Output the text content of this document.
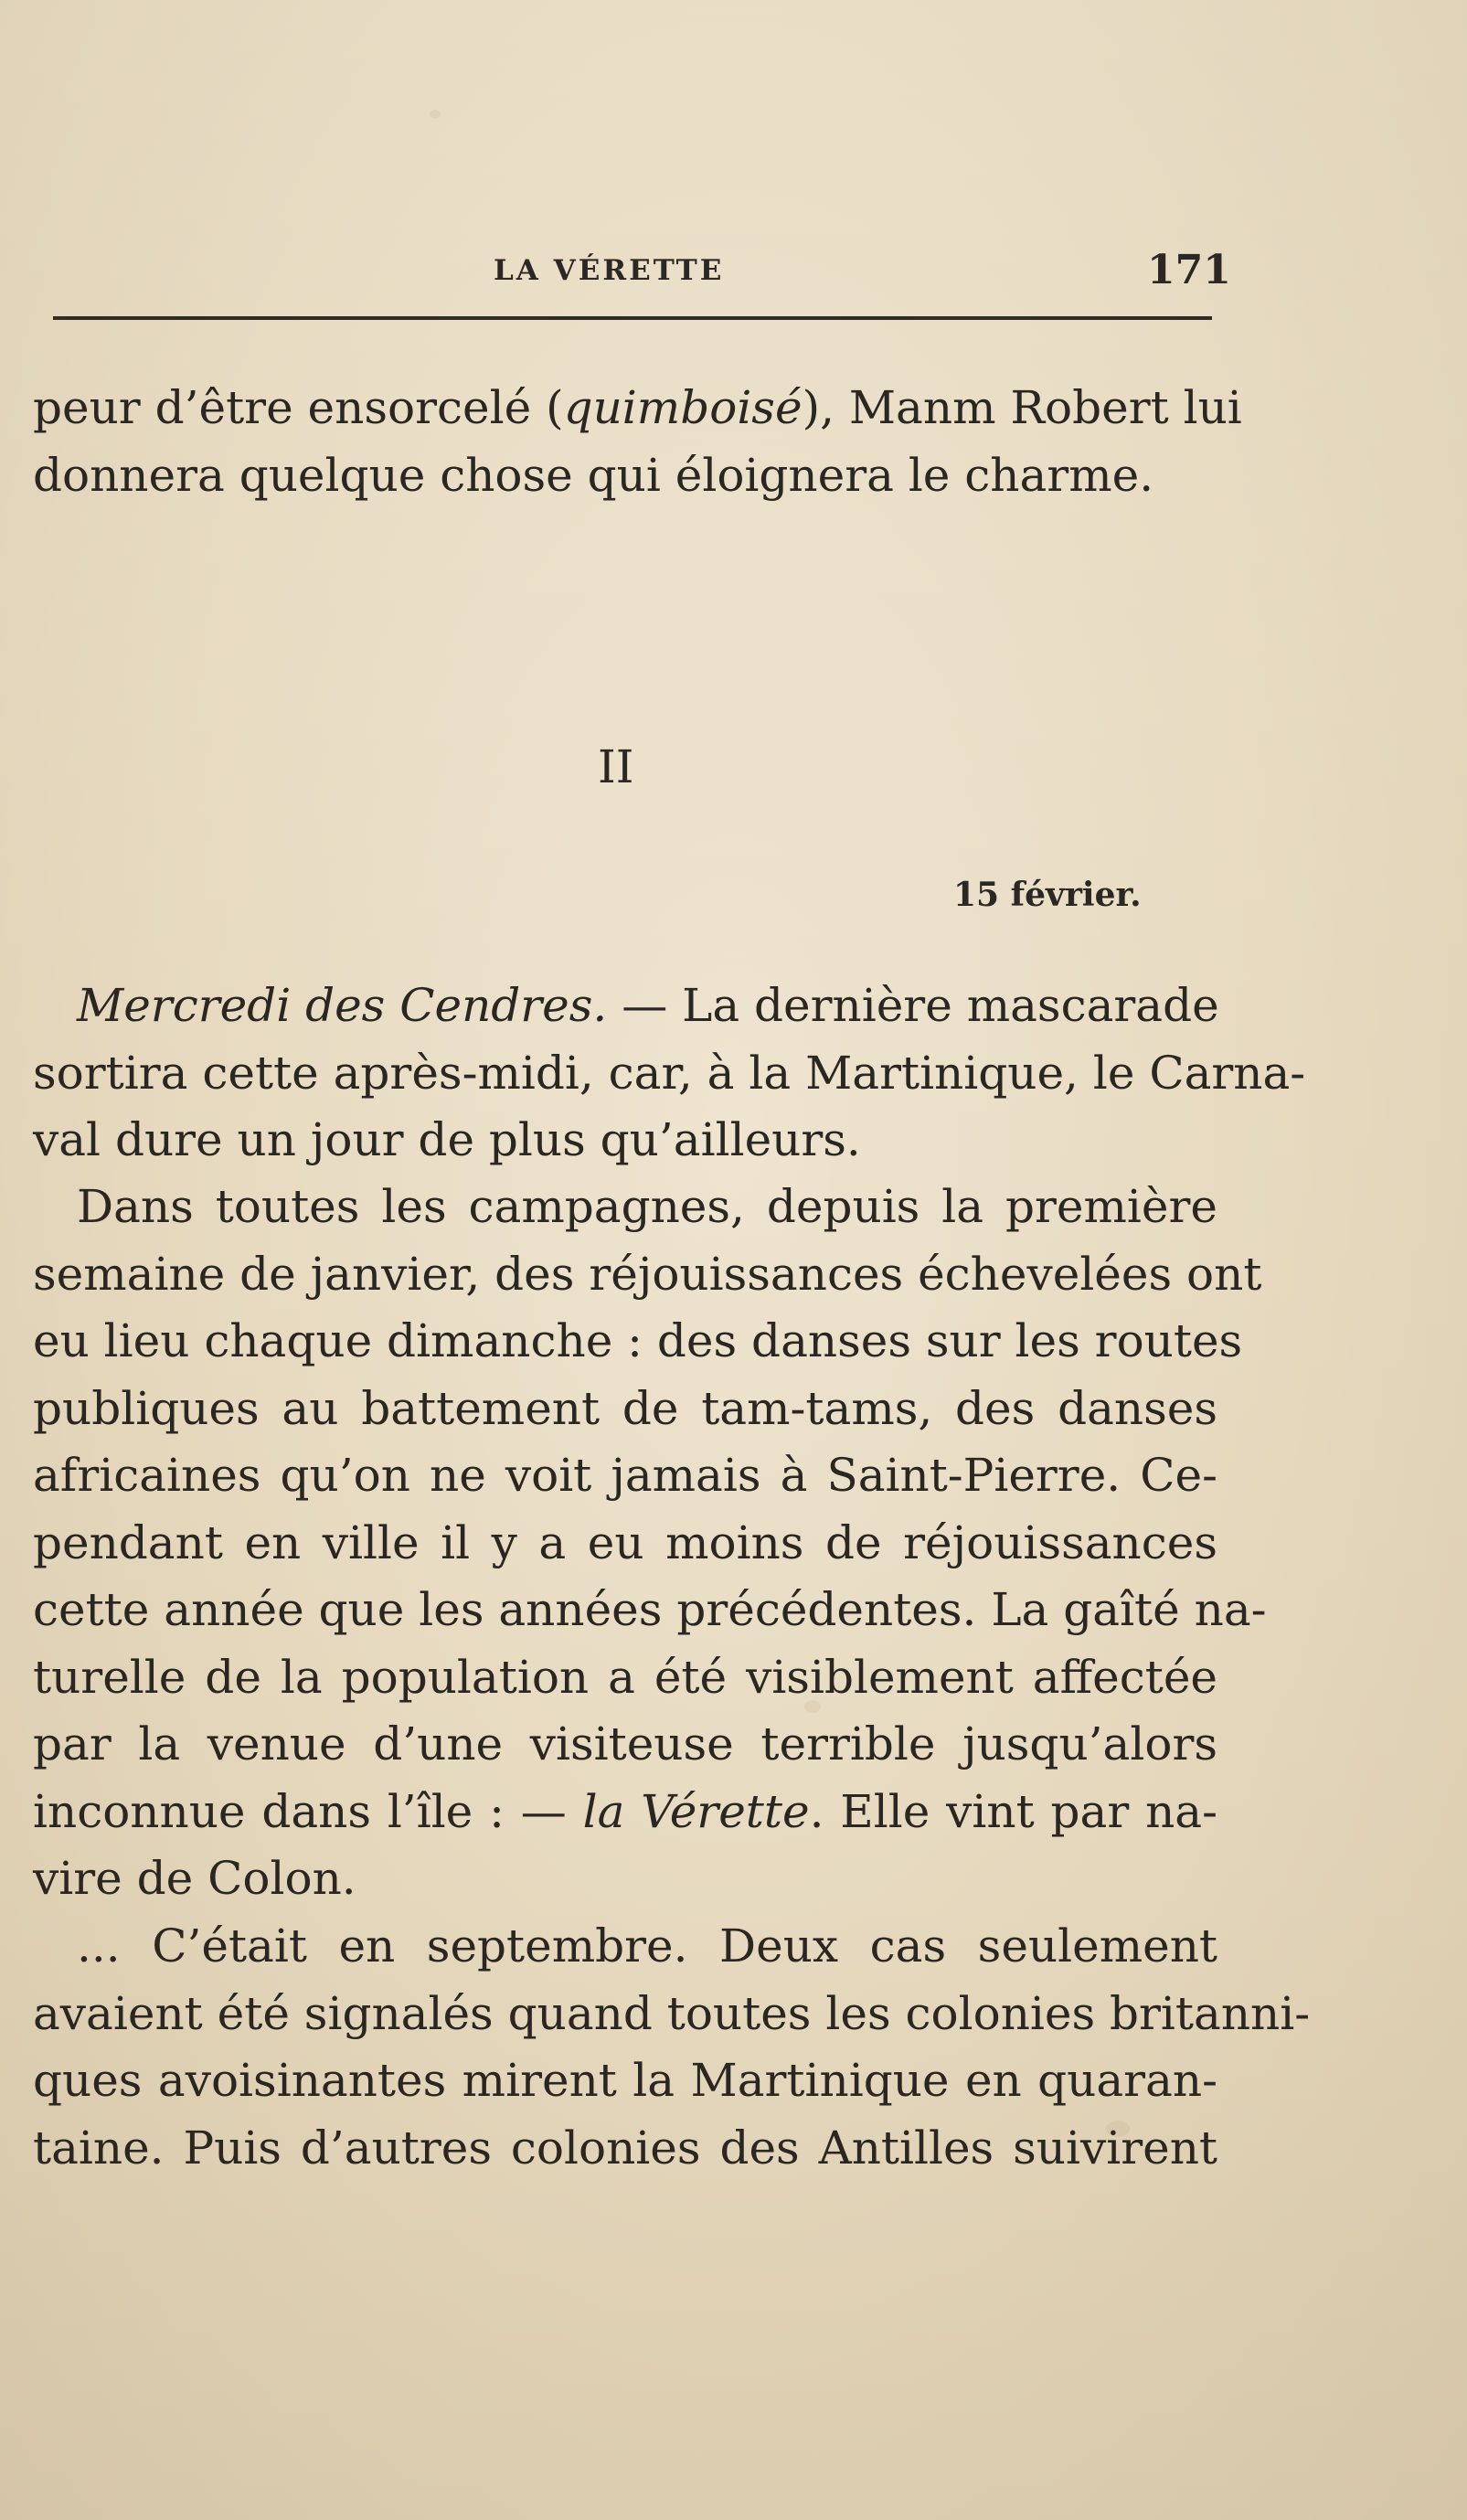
LA VÉRETTE	171
peur d’être ensorcelé (quimboisé), Manm Robert lui
donnera quelque chose qui éloignera le charme.
II
15 février.
Mercredi des Cendres. — La dernière mascarade
sortira cette après-midi, car, à la Martinique, le Carna-
val dure un jour de plus qu’ailleurs.
Dans toutes les campagnes, depuis la première
semaine de janvier, des réjouissances échevelées ont
eu lieu chaque dimanche : des danses sur les routes
publiques au battement de tam-tams, des danses
africaines qu’on ne voit jamais à Saint-Pierre. Ce-
pendant en ville il y a eu moins de réjouissances
cette année que les années précédentes. La gaîté na-
turelle de la population a été visiblement affectée
par la venue d’une visiteuse terrible jusqu’alors
inconnue dans l’île : — la Vérette. Elle vint par na-
vire de Colon.
... C’était en septembre. Deux cas seulement
avaient été signalés quand toutes les colonies britanni-
ques avoisinantes mirent la Martinique en quaran-
taine. Puis d’autres colonies des Antilles suivirent
